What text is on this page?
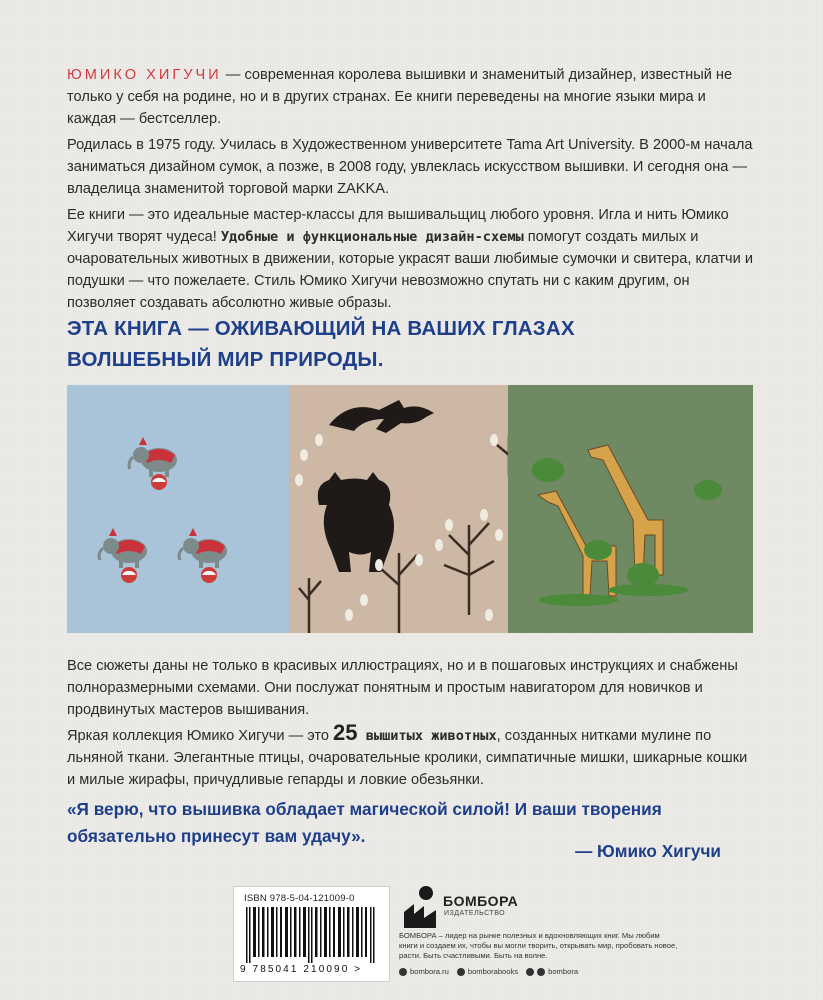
ЮМИКО ХИГУЧИ — современная королева вышивки и знаменитый дизайнер, известный не только у себя на родине, но и в других странах. Ее книги переведены на многие языки мира и каждая — бестселлер.
Родилась в 1975 году. Училась в Художественном университете Tama Art University. В 2000-м начала заниматься дизайном сумок, а позже, в 2008 году, увлеклась искусством вышивки. И сегодня она — владелица знаменитой торговой марки ZAKKA.
Ее книги — это идеальные мастер-классы для вышивальщиц любого уровня. Игла и нить Юмико Хигучи творят чудеса! Удобные и функциональные дизайн-схемы помогут создать милых и очаровательных животных в движении, которые украсят ваши любимые сумочки и свитера, клатчи и подушки — что пожелаете. Стиль Юмико Хигучи невозможно спутать ни с каким другим, он позволяет создавать абсолютно живые образы.
ЭТА КНИГА — ОЖИВАЮЩИЙ НА ВАШИХ ГЛАЗАХ
ВОЛШЕБНЫЙ МИР ПРИРОДЫ.
Все сюжеты даны не только в красивых иллюстрациях, но и в пошаговых инструкциях и снабжены полноразмерными схемами. Они послужат понятным и простым навигатором для новичков и продвинутых мастеров вышивания.
Яркая коллекция Юмико Хигучи — это 25 вышитых животных, созданных нитками мулине по льняной ткани. Элегантные птицы, очаровательные кролики, симпатичные мишки, шикарные кошки и милые жирафы, причудливые гепарды и ловкие обезьянки.
«Я верю, что вышивка обладает магической силой! И ваши творения
обязательно принесут вам удачу».
— Юмико Хигучи
ISBN 978-5-04-121009-0
9 785041 210090 >
БОМБОРА
ИЗДАТЕЛЬСТВО
БОМБОРА – лидер на рынке полезных и вдохновляющих книг. Мы любим книги и создаем их, чтобы вы могли творить, открывать мир, пробовать новое, расти. Быть счастливыми. Быть на волне.
bombora.ru	bomborabooks	bombora
